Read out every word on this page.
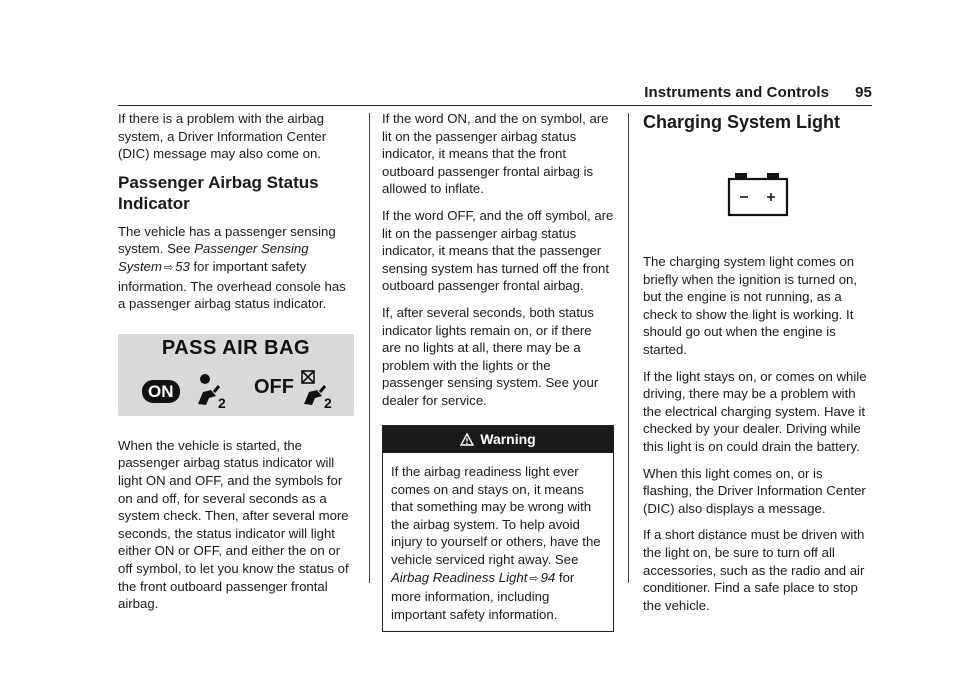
Instruments and Controls 95

If there is a problem with the airbag system, a Driver Information Center (DIC) message may also come on.

Passenger Airbag Status Indicator

The vehicle has a passenger sensing system. See Passenger Sensing System ⇨ 53 for important safety information. The overhead console has a passenger airbag status indicator.

PASS AIR BAG
ON
2
OFF
2

When the vehicle is started, the passenger airbag status indicator will light ON and OFF, and the symbols for on and off, for several seconds as a system check. Then, after several more seconds, the status indicator will light either ON or OFF, and either the on or off symbol, to let you know the status of the front outboard passenger frontal airbag.

If the word ON, and the on symbol, are lit on the passenger airbag status indicator, it means that the front outboard passenger frontal airbag is allowed to inflate.

If the word OFF, and the off symbol, are lit on the passenger airbag status indicator, it means that the passenger sensing system has turned off the front outboard passenger frontal airbag.

If, after several seconds, both status indicator lights remain on, or if there are no lights at all, there may be a problem with the lights or the passenger sensing system. See your dealer for service.

Warning
If the airbag readiness light ever comes on and stays on, it means that something may be wrong with the airbag system. To help avoid injury to yourself or others, have the vehicle serviced right away. See Airbag Readiness Light ⇨ 94 for more information, including important safety information.
Charging System Light

The charging system light comes on briefly when the ignition is turned on, but the engine is not running, as a check to show the light is working. It should go out when the engine is started.

If the light stays on, or comes on while driving, there may be a problem with the electrical charging system. Have it checked by your dealer. Driving while this light is on could drain the battery.

When this light comes on, or is flashing, the Driver Information Center (DIC) also displays a message.

If a short distance must be driven with the light on, be sure to turn off all accessories, such as the radio and air conditioner. Find a safe place to stop the vehicle.
